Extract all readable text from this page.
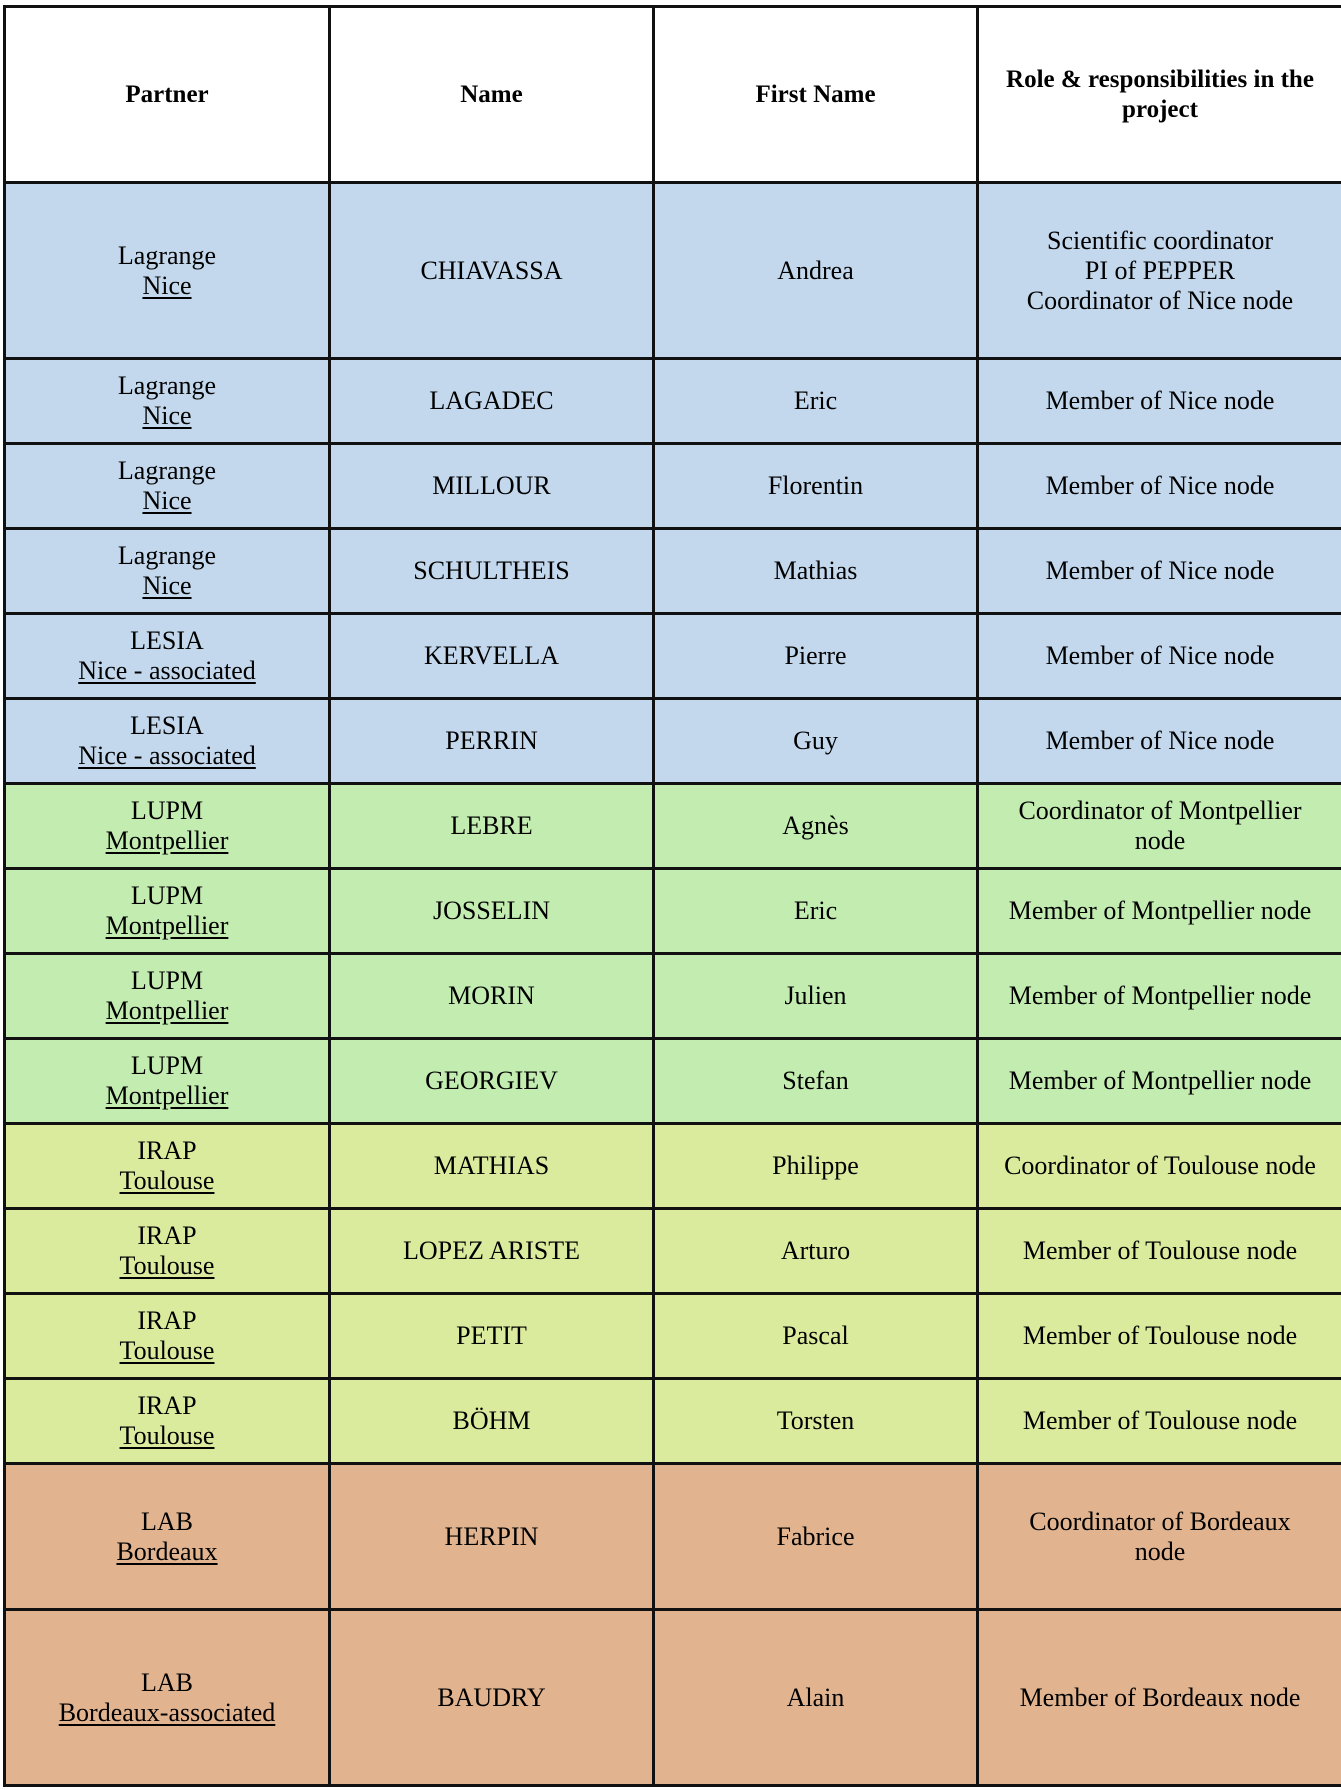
Partner	Name	First Name	Role & responsibilities in the project

Lagrange
Nice	CHIAVASSA	Andrea	Scientific coordinator
PI of PEPPER
Coordinator of Nice node

Lagrange
Nice	LAGADEC	Eric	Member of Nice node

Lagrange
Nice	MILLOUR	Florentin	Member of Nice node

Lagrange
Nice	SCHULTHEIS	Mathias	Member of Nice node

LESIA
Nice - associated	KERVELLA	Pierre	Member of Nice node

LESIA
Nice - associated	PERRIN	Guy	Member of Nice node

LUPM
Montpellier	LEBRE	Agnès	Coordinator of Montpellier node

LUPM
Montpellier	JOSSELIN	Eric	Member of Montpellier node

LUPM
Montpellier	MORIN	Julien	Member of Montpellier node

LUPM
Montpellier	GEORGIEV	Stefan	Member of Montpellier node

IRAP
Toulouse	MATHIAS	Philippe	Coordinator of Toulouse node

IRAP
Toulouse	LOPEZ ARISTE	Arturo	Member of Toulouse node

IRAP
Toulouse	PETIT	Pascal	Member of Toulouse node

IRAP
Toulouse	BÖHM	Torsten	Member of Toulouse node

LAB
Bordeaux	HERPIN	Fabrice	Coordinator of Bordeaux node

LAB
Bordeaux-associated	BAUDRY	Alain	Member of Bordeaux node
